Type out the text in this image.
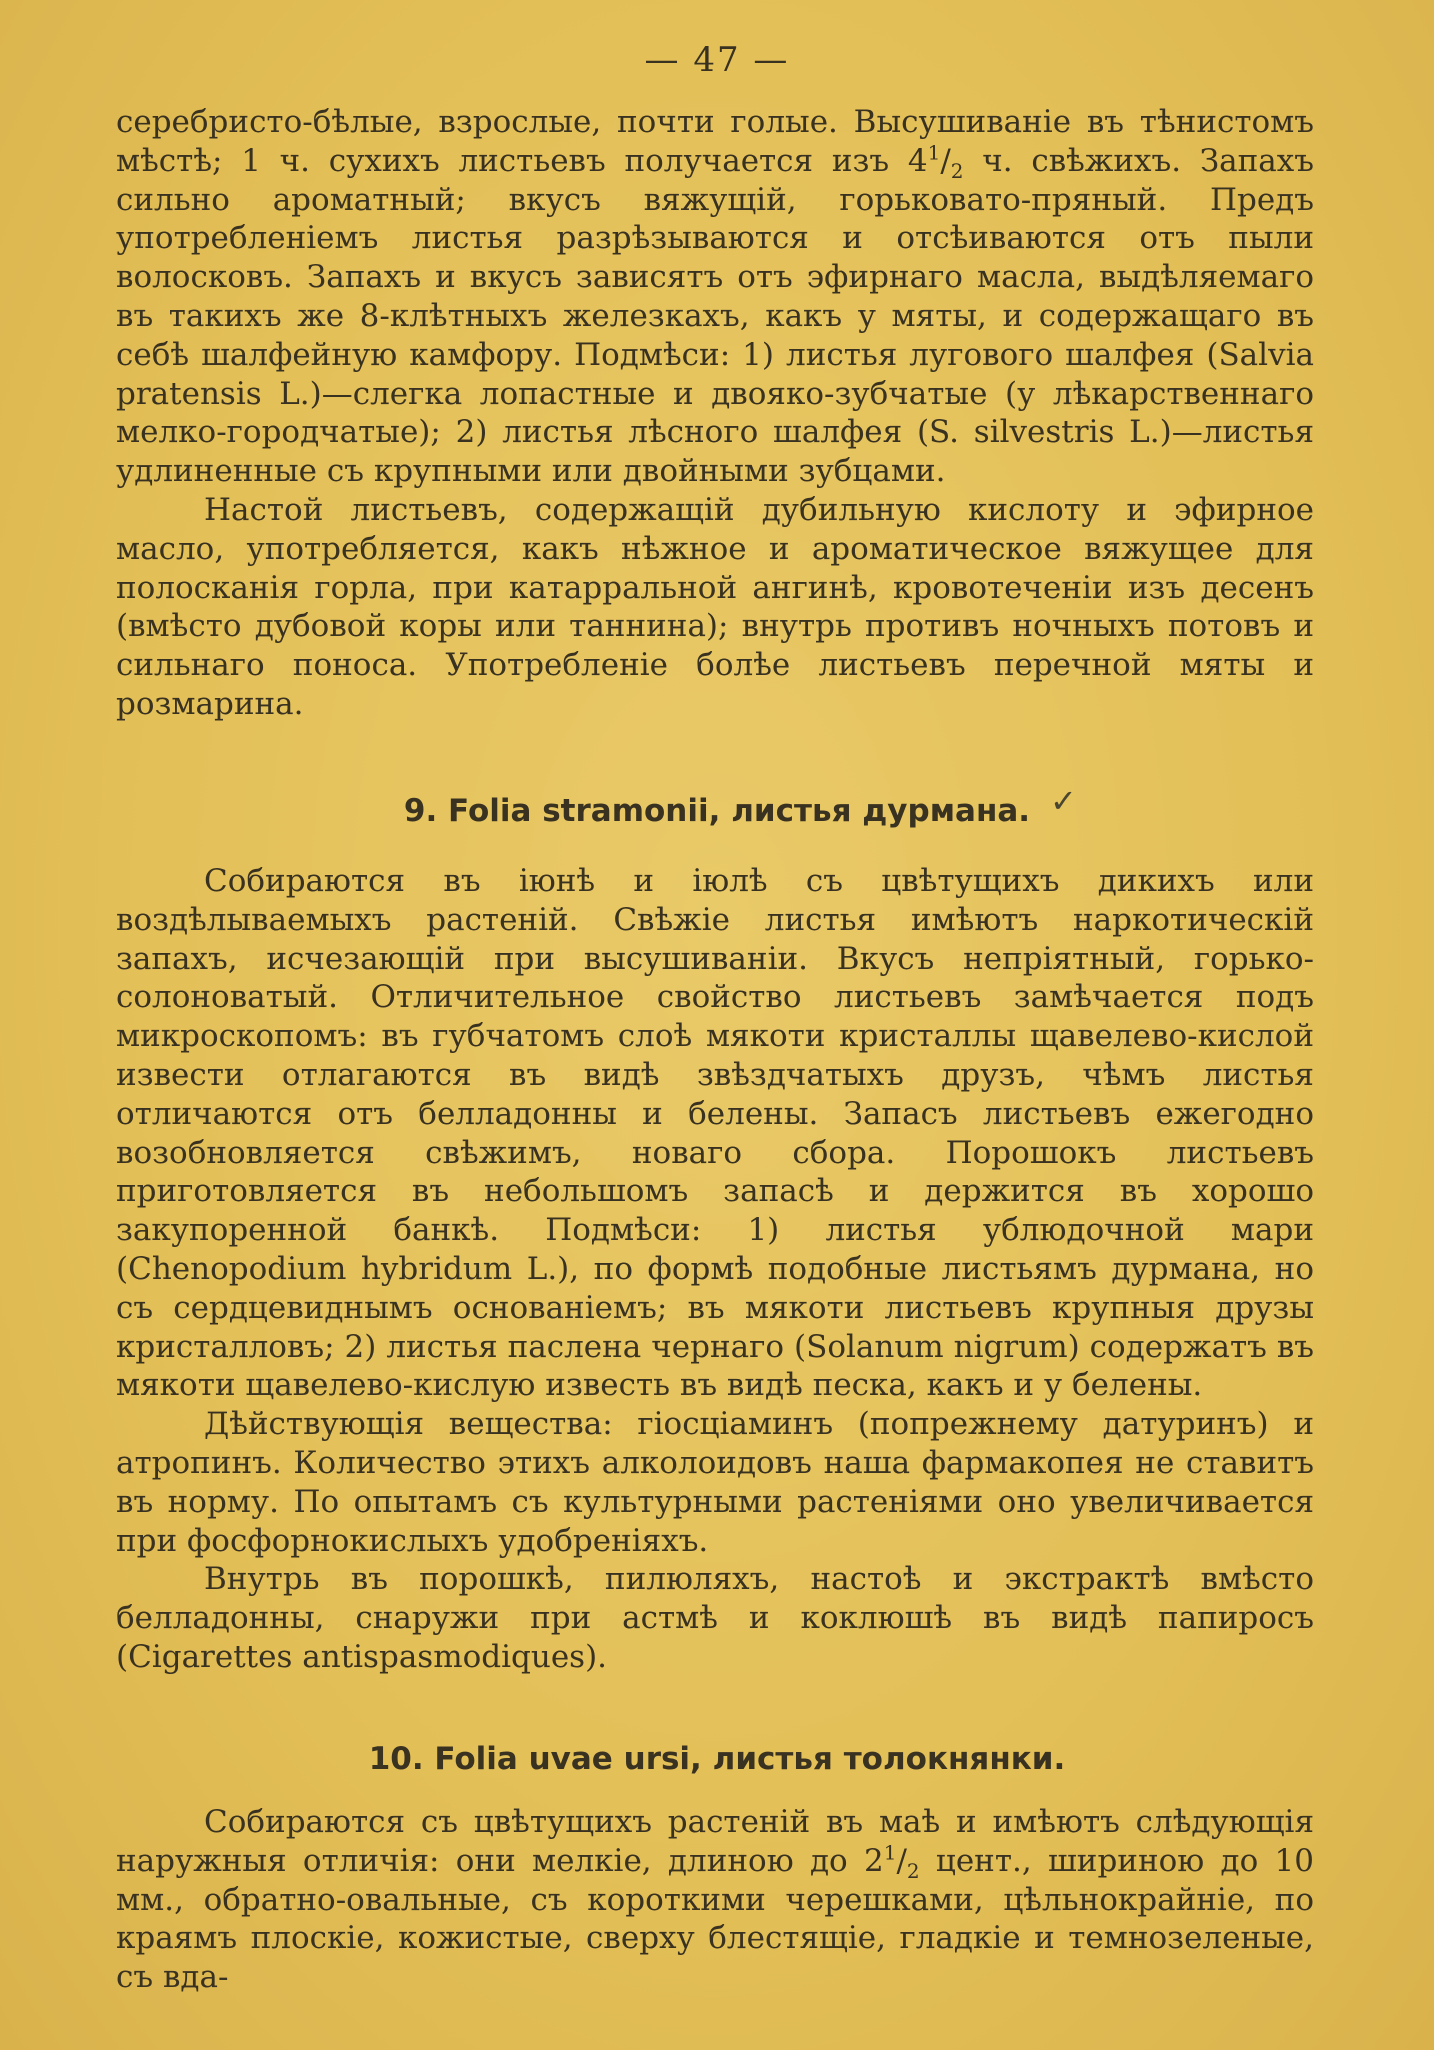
— 47 —

серебристо-бѣлые, взрослые, почти голые. Высушиваніе въ тѣнистомъ мѣстѣ; 1 ч. сухихъ листьевъ получается изъ $4^1/_2$ ч. свѣжихъ. Запахъ сильно ароматный; вкусъ вяжущій, горьковато-пряный. Предъ употребленіемъ листья разрѣзываются и отсѣиваются отъ пыли волосковъ. Запахъ и вкусъ зависятъ отъ эфирнаго масла, выдѣляемаго въ такихъ же 8-клѣтныхъ железкахъ, какъ у мяты, и содержащаго въ себѣ шалфейную камфору. Подмѣси: 1) листья лугового шалфея (Salvia pratensis L.)—слегка лопастные и двояко-зубчатые (у лѣкарственнаго мелко-городчатые); 2) листья лѣсного шалфея (S. silvestris L.)—листья удлиненные съ крупными или двойными зубцами.

Настой листьевъ, содержащій дубильную кислоту и эфирное масло, употребляется, какъ нѣжное и ароматическое вяжущее для полосканія горла, при катарральной ангинѣ, кровотеченіи изъ десенъ (вмѣсто дубовой коры или таннина); внутрь противъ ночныхъ потовъ и сильнаго поноса. Употребленіе болѣе листьевъ перечной мяты и розмарина.

9. Folia stramonii, листья дурмана. ✓

Собираются въ іюнѣ и іюлѣ съ цвѣтущихъ дикихъ или воздѣлываемыхъ растеній. Свѣжіе листья имѣютъ наркотическій запахъ, исчезающій при высушиваніи. Вкусъ непріятный, горько-солоноватый. Отличительное свойство листьевъ замѣчается подъ микроскопомъ: въ губчатомъ слоѣ мякоти кристаллы щавелево-кислой извести отлагаются въ видѣ звѣздчатыхъ друзъ, чѣмъ листья отличаются отъ белладонны и белены. Запасъ листьевъ ежегодно возобновляется свѣжимъ, новаго сбора. Порошокъ листьевъ приготовляется въ небольшомъ запасѣ и держится въ хорошо закупоренной банкѣ. Подмѣси: 1) листья ублюдочной мари (Chenopodium hybridum L.), по формѣ подобные листьямъ дурмана, но съ сердцевиднымъ основаніемъ; въ мякоти листьевъ крупныя друзы кристалловъ; 2) листья паслена чернаго (Solanum nigrum) содержатъ въ мякоти щавелево-кислую известь въ видѣ песка, какъ и у белены.

Дѣйствующія вещества: гіосціаминъ (попрежнему датуринъ) и атропинъ. Количество этихъ алколоидовъ наша фармакопея не ставитъ въ норму. По опытамъ съ культурными растеніями оно увеличивается при фосфорнокислыхъ удобреніяхъ.

Внутрь въ порошкѣ, пилюляхъ, настоѣ и экстрактѣ вмѣсто белладонны, снаружи при астмѣ и коклюшѣ въ видѣ папиросъ (Cigarettes antispasmodiques).

10. Folia uvae ursi, листья толокнянки.

Собираются съ цвѣтущихъ растеній въ маѣ и имѣютъ слѣдующія наружныя отличія: они мелкіе, длиною до $2^1/_2$ цент., шириною до 10 мм., обратно-овальные, съ короткими черешками, цѣльнокрайніе, по краямъ плоскіе, кожистые, сверху блестящіе, гладкіе и темнозеленые, съ вда-
